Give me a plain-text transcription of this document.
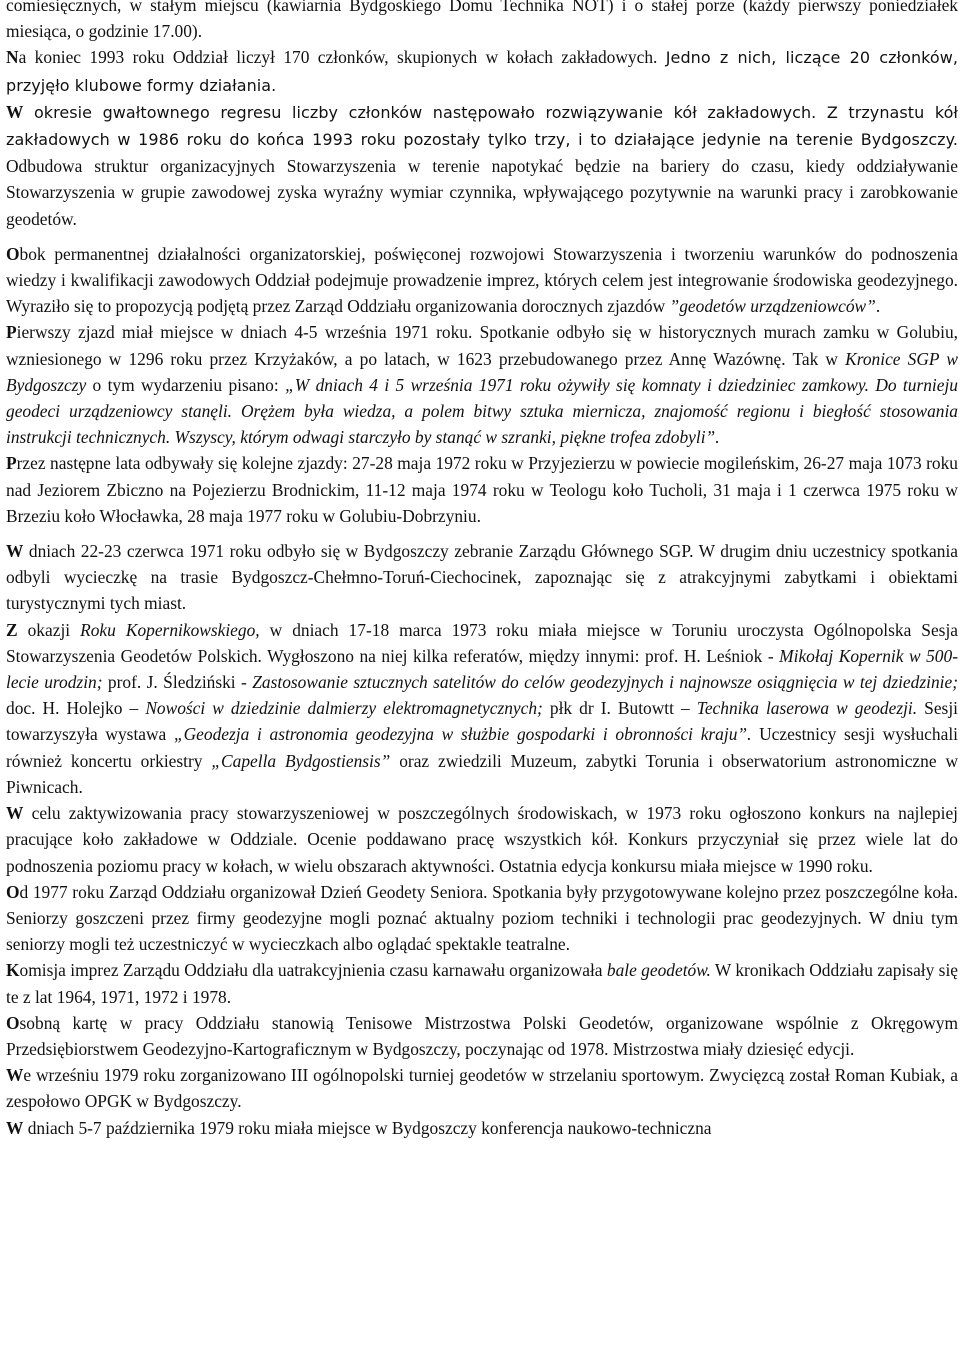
comiesięcznych, w stałym miejscu (kawiarnia Bydgoskiego Domu Technika NOT) i o stałej porze (każdy pierwszy poniedziałek miesiąca, o godzinie 17.00).

Na koniec 1993 roku Oddział liczył 170 członków, skupionych w kołach zakładowych. Jedno z nich, liczące 20 członków, przyjęło klubowe formy działania.

W okresie gwałtownego regresu liczby członków następowało rozwiązywanie kół zakładowych. Z trzynastu kół zakładowych w 1986 roku do końca 1993 roku pozostały tylko trzy, i to działające jedynie na terenie Bydgoszczy. Odbudowa struktur organizacyjnych Stowarzyszenia w terenie napotykać będzie na bariery do czasu, kiedy oddziaływanie Stowarzyszenia w grupie zawodowej zyska wyraźny wymiar czynnika, wpływającego pozytywnie na warunki pracy i zarobkowanie geodetów.

Obok permanentnej działalności organizatorskiej, poświęconej rozwojowi Stowarzyszenia i tworzeniu warunków do podnoszenia wiedzy i kwalifikacji zawodowych Oddział podejmuje prowadzenie imprez, których celem jest integrowanie środowiska geodezyjnego. Wyraziło się to propozycją podjętą przez Zarząd Oddziału organizowania dorocznych zjazdów ”geodetów urządzeniowców”.

Pierwszy zjazd miał miejsce w dniach 4-5 września 1971 roku. Spotkanie odbyło się w historycznych murach zamku w Golubiu, wzniesionego w 1296 roku przez Krzyżaków, a po latach, w 1623 przebudowanego przez Annę Wazównę. Tak w Kronice SGP w Bydgoszczy o tym wydarzeniu pisano: „W dniach 4 i 5 września 1971 roku ożywiły się komnaty i dziedziniec zamkowy. Do turnieju geodeci urządzeniowcy stanęli. Orężem była wiedza, a polem bitwy sztuka miernicza, znajomość regionu i biegłość stosowania instrukcji technicznych. Wszyscy, którym odwagi starczyło by stanąć w szranki, piękne trofea zdobyli”.

Przez następne lata odbywały się kolejne zjazdy: 27-28 maja 1972 roku w Przyjezierzu w powiecie mogileńskim, 26-27 maja 1073 roku nad Jeziorem Zbiczno na Pojezierzu Brodnickim, 11-12 maja 1974 roku w Teologu koło Tucholi, 31 maja i 1 czerwca 1975 roku w Brzeziu koło Włocławka, 28 maja 1977 roku w Golubiu-Dobrzyniu.

W dniach 22-23 czerwca 1971 roku odbyło się w Bydgoszczy zebranie Zarządu Głównego SGP. W drugim dniu uczestnicy spotkania odbyli wycieczkę na trasie Bydgoszcz-Chełmno-Toruń-Ciechocinek, zapoznając się z atrakcyjnymi zabytkami i obiektami turystycznymi tych miast.

Z okazji Roku Kopernikowskiego, w dniach 17-18 marca 1973 roku miała miejsce w Toruniu uroczysta Ogólnopolska Sesja Stowarzyszenia Geodetów Polskich. Wygłoszono na niej kilka referatów, między innymi: prof. H. Leśniok - Mikołaj Kopernik w 500-lecie urodzin; prof. J. Śledziński - Zastosowanie sztucznych satelitów do celów geodezyjnych i najnowsze osiągnięcia w tej dziedzinie; doc. H. Holejko – Nowości w dziedzinie dalmierzy elektromagnetycznych; płk dr I. Butowtt – Technika laserowa w geodezji. Sesji towarzyszyła wystawa „Geodezja i astronomia geodezyjna w służbie gospodarki i obronności kraju”. Uczestnicy sesji wysłuchali również koncertu orkiestry „Capella Bydgostiensis” oraz zwiedzili Muzeum, zabytki Torunia i obserwatorium astronomiczne w Piwnicach.

W celu zaktywizowania pracy stowarzyszeniowej w poszczególnych środowiskach, w 1973 roku ogłoszono konkurs na najlepiej pracujące koło zakładowe w Oddziale. Ocenie poddawano pracę wszystkich kół. Konkurs przyczyniał się przez wiele lat do podnoszenia poziomu pracy w kołach, w wielu obszarach aktywności. Ostatnia edycja konkursu miała miejsce w 1990 roku.

Od 1977 roku Zarząd Oddziału organizował Dzień Geodety Seniora. Spotkania były przygotowywane kolejno przez poszczególne koła. Seniorzy goszczeni przez firmy geodezyjne mogli poznać aktualny poziom techniki i technologii prac geodezyjnych. W dniu tym seniorzy mogli też uczestniczyć w wycieczkach albo oglądać spektakle teatralne.

Komisja imprez Zarządu Oddziału dla uatrakcyjnienia czasu karnawału organizowała bale geodetów. W kronikach Oddziału zapisały się te z lat 1964, 1971, 1972 i 1978.

Osobną kartę w pracy Oddziału stanowią Tenisowe Mistrzostwa Polski Geodetów, organizowane wspólnie z Okręgowym Przedsiębiorstwem Geodezyjno-Kartograficznym w Bydgoszczy, poczynając od 1978. Mistrzostwa miały dziesięć edycji.

We wrześniu 1979 roku zorganizowano III ogólnopolski turniej geodetów w strzelaniu sportowym. Zwycięzcą został Roman Kubiak, a zespołowo OPGK w Bydgoszczy.

W dniach 5-7 października 1979 roku miała miejsce w Bydgoszczy konferencja naukowo-techniczna
